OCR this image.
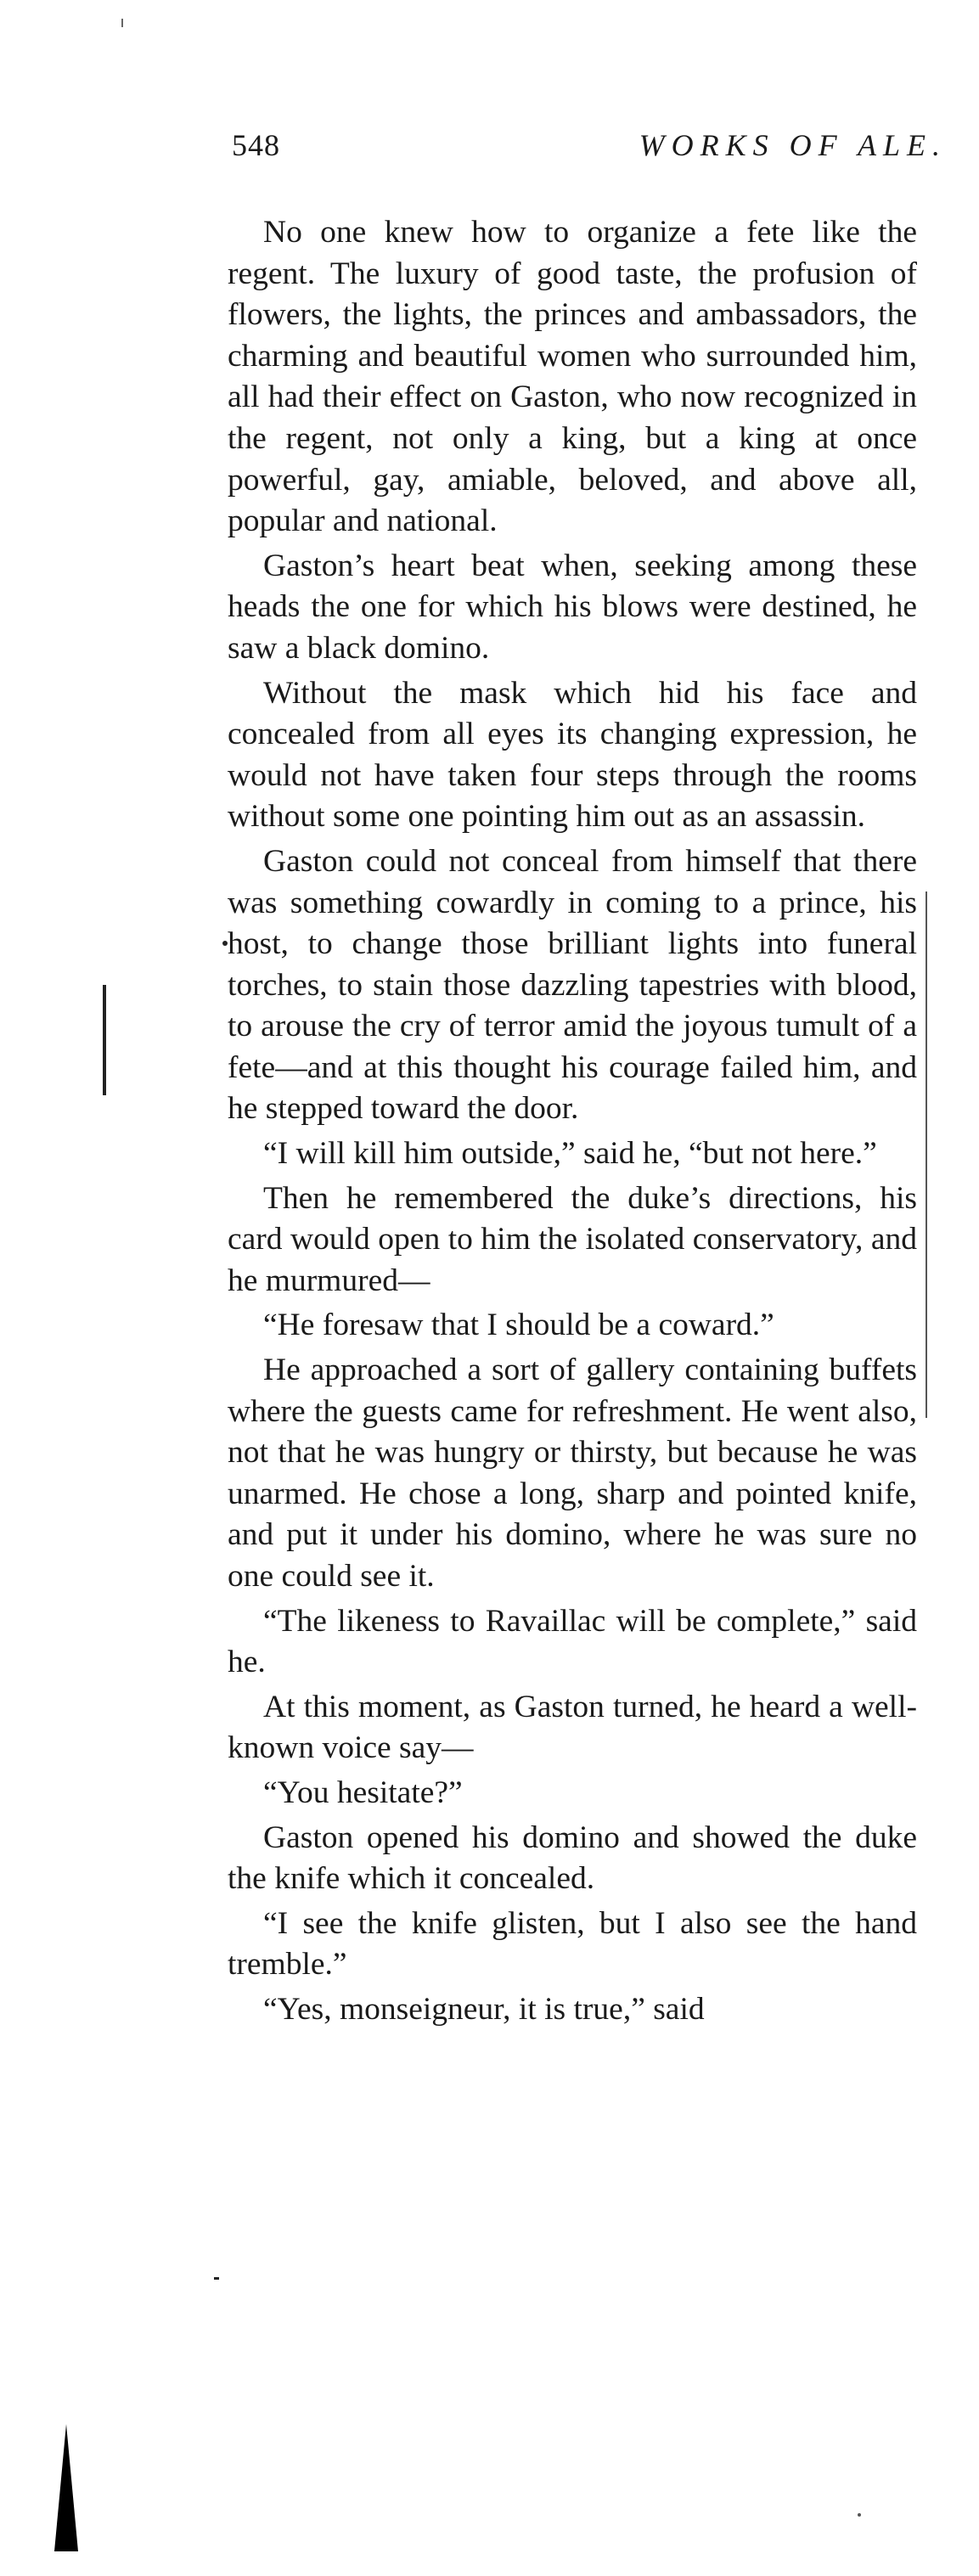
548	WORKS OF ALE.

No one knew how to organize a fete like the regent. The luxury of good taste, the profusion of flowers, the lights, the princes and ambassadors, the charming and beautiful women who surrounded him, all had their effect on Gaston, who now recognized in the regent, not only a king, but a king at once powerful, gay, amiable, beloved, and above all, popular and national.

Gaston’s heart beat when, seeking among these heads the one for which his blows were destined, he saw a black domino.

Without the mask which hid his face and concealed from all eyes its changing expression, he would not have taken four steps through the rooms without some one pointing him out as an assassin.

Gaston could not conceal from himself that there was something cowardly in coming to a prince, his host, to change those brilliant lights into funeral torches, to stain those dazzling tapestries with blood, to arouse the cry of terror amid the joyous tumult of a fete—and at this thought his courage failed him, and he stepped toward the door.

“I will kill him outside,” said he, “but not here.”

Then he remembered the duke’s directions, his card would open to him the isolated conservatory, and he murmured—

“He foresaw that I should be a coward.”

He approached a sort of gallery containing buffets where the guests came for refreshment. He went also, not that he was hungry or thirsty, but because he was unarmed. He chose a long, sharp and pointed knife, and put it under his domino, where he was sure no one could see it.

“The likeness to Ravaillac will be complete,” said he.

At this moment, as Gaston turned, he heard a well-known voice say—

“You hesitate?”

Gaston opened his domino and showed the duke the knife which it concealed.

“I see the knife glisten, but I also see the hand tremble.”

“Yes, monseigneur, it is true,” said
